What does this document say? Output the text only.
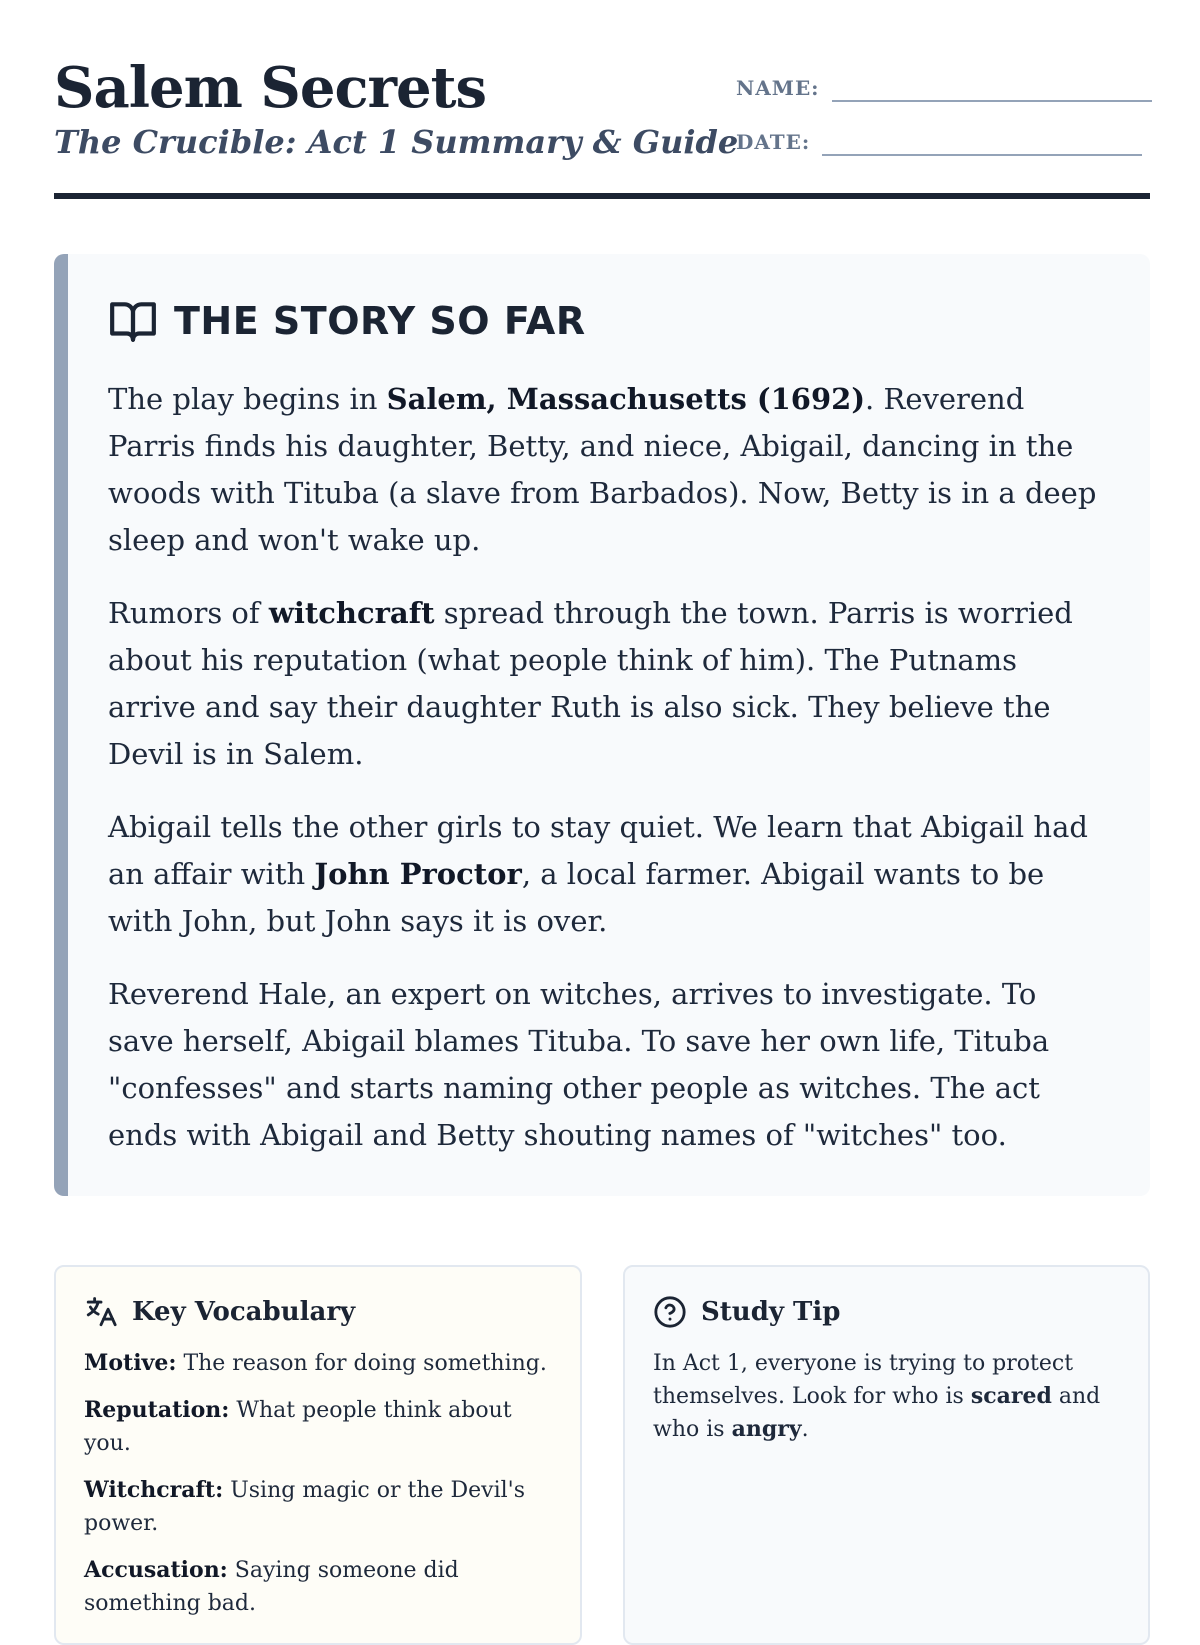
Salem Secrets
The Crucible: Act 1 Summary & Guide
NAME:
DATE:
THE STORY SO FAR

The play begins in Salem, Massachusetts (1692). Reverend Parris finds his daughter, Betty, and niece, Abigail, dancing in the woods with Tituba (a slave from Barbados). Now, Betty is in a deep sleep and won't wake up.

Rumors of witchcraft spread through the town. Parris is worried about his reputation (what people think of him). The Putnams arrive and say their daughter Ruth is also sick. They believe the Devil is in Salem.

Abigail tells the other girls to stay quiet. We learn that Abigail had an affair with John Proctor, a local farmer. Abigail wants to be with John, but John says it is over.

Reverend Hale, an expert on witches, arrives to investigate. To save herself, Abigail blames Tituba. To save her own life, Tituba "confesses" and starts naming other people as witches. The act ends with Abigail and Betty shouting names of "witches" too.

Key Vocabulary

Motive: The reason for doing something.

Reputation: What people think about you.

Witchcraft: Using magic or the Devil's power.

Accusation: Saying someone did something bad.

Study Tip

In Act 1, everyone is trying to protect themselves. Look for who is scared and who is angry.
